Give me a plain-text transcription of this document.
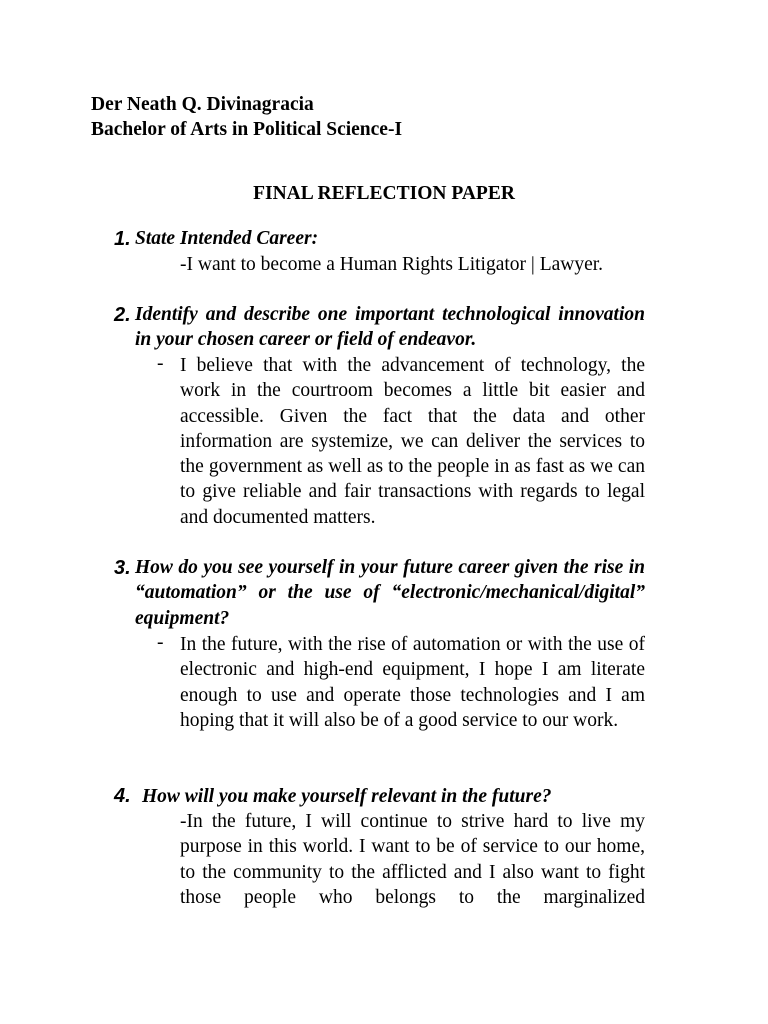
Der Neath Q. Divinagracia
Bachelor of Arts in Political Science-I
FINAL REFLECTION PAPER
1. State Intended Career:
-I want to become a Human Rights Litigator | Lawyer.
2. Identify and describe one important technological innovation in your chosen career or field of endeavor.
- I believe that with the advancement of technology, the work in the courtroom becomes a little bit easier and accessible. Given the fact that the data and other information are systemize, we can deliver the services to the government as well as to the people in as fast as we can to give reliable and fair transactions with regards to legal and documented matters.
3. How do you see yourself in your future career given the rise in “automation” or the use of “electronic/mechanical/digital” equipment?
- In the future, with the rise of automation or with the use of electronic and high-end equipment, I hope I am literate enough to use and operate those technologies and I am hoping that it will also be of a good service to our work.
4. How will you make yourself relevant in the future?
-In the future, I will continue to strive hard to live my purpose in this world. I want to be of service to our home, to the community to the afflicted and I also want to fight those people who belongs to the marginalized
